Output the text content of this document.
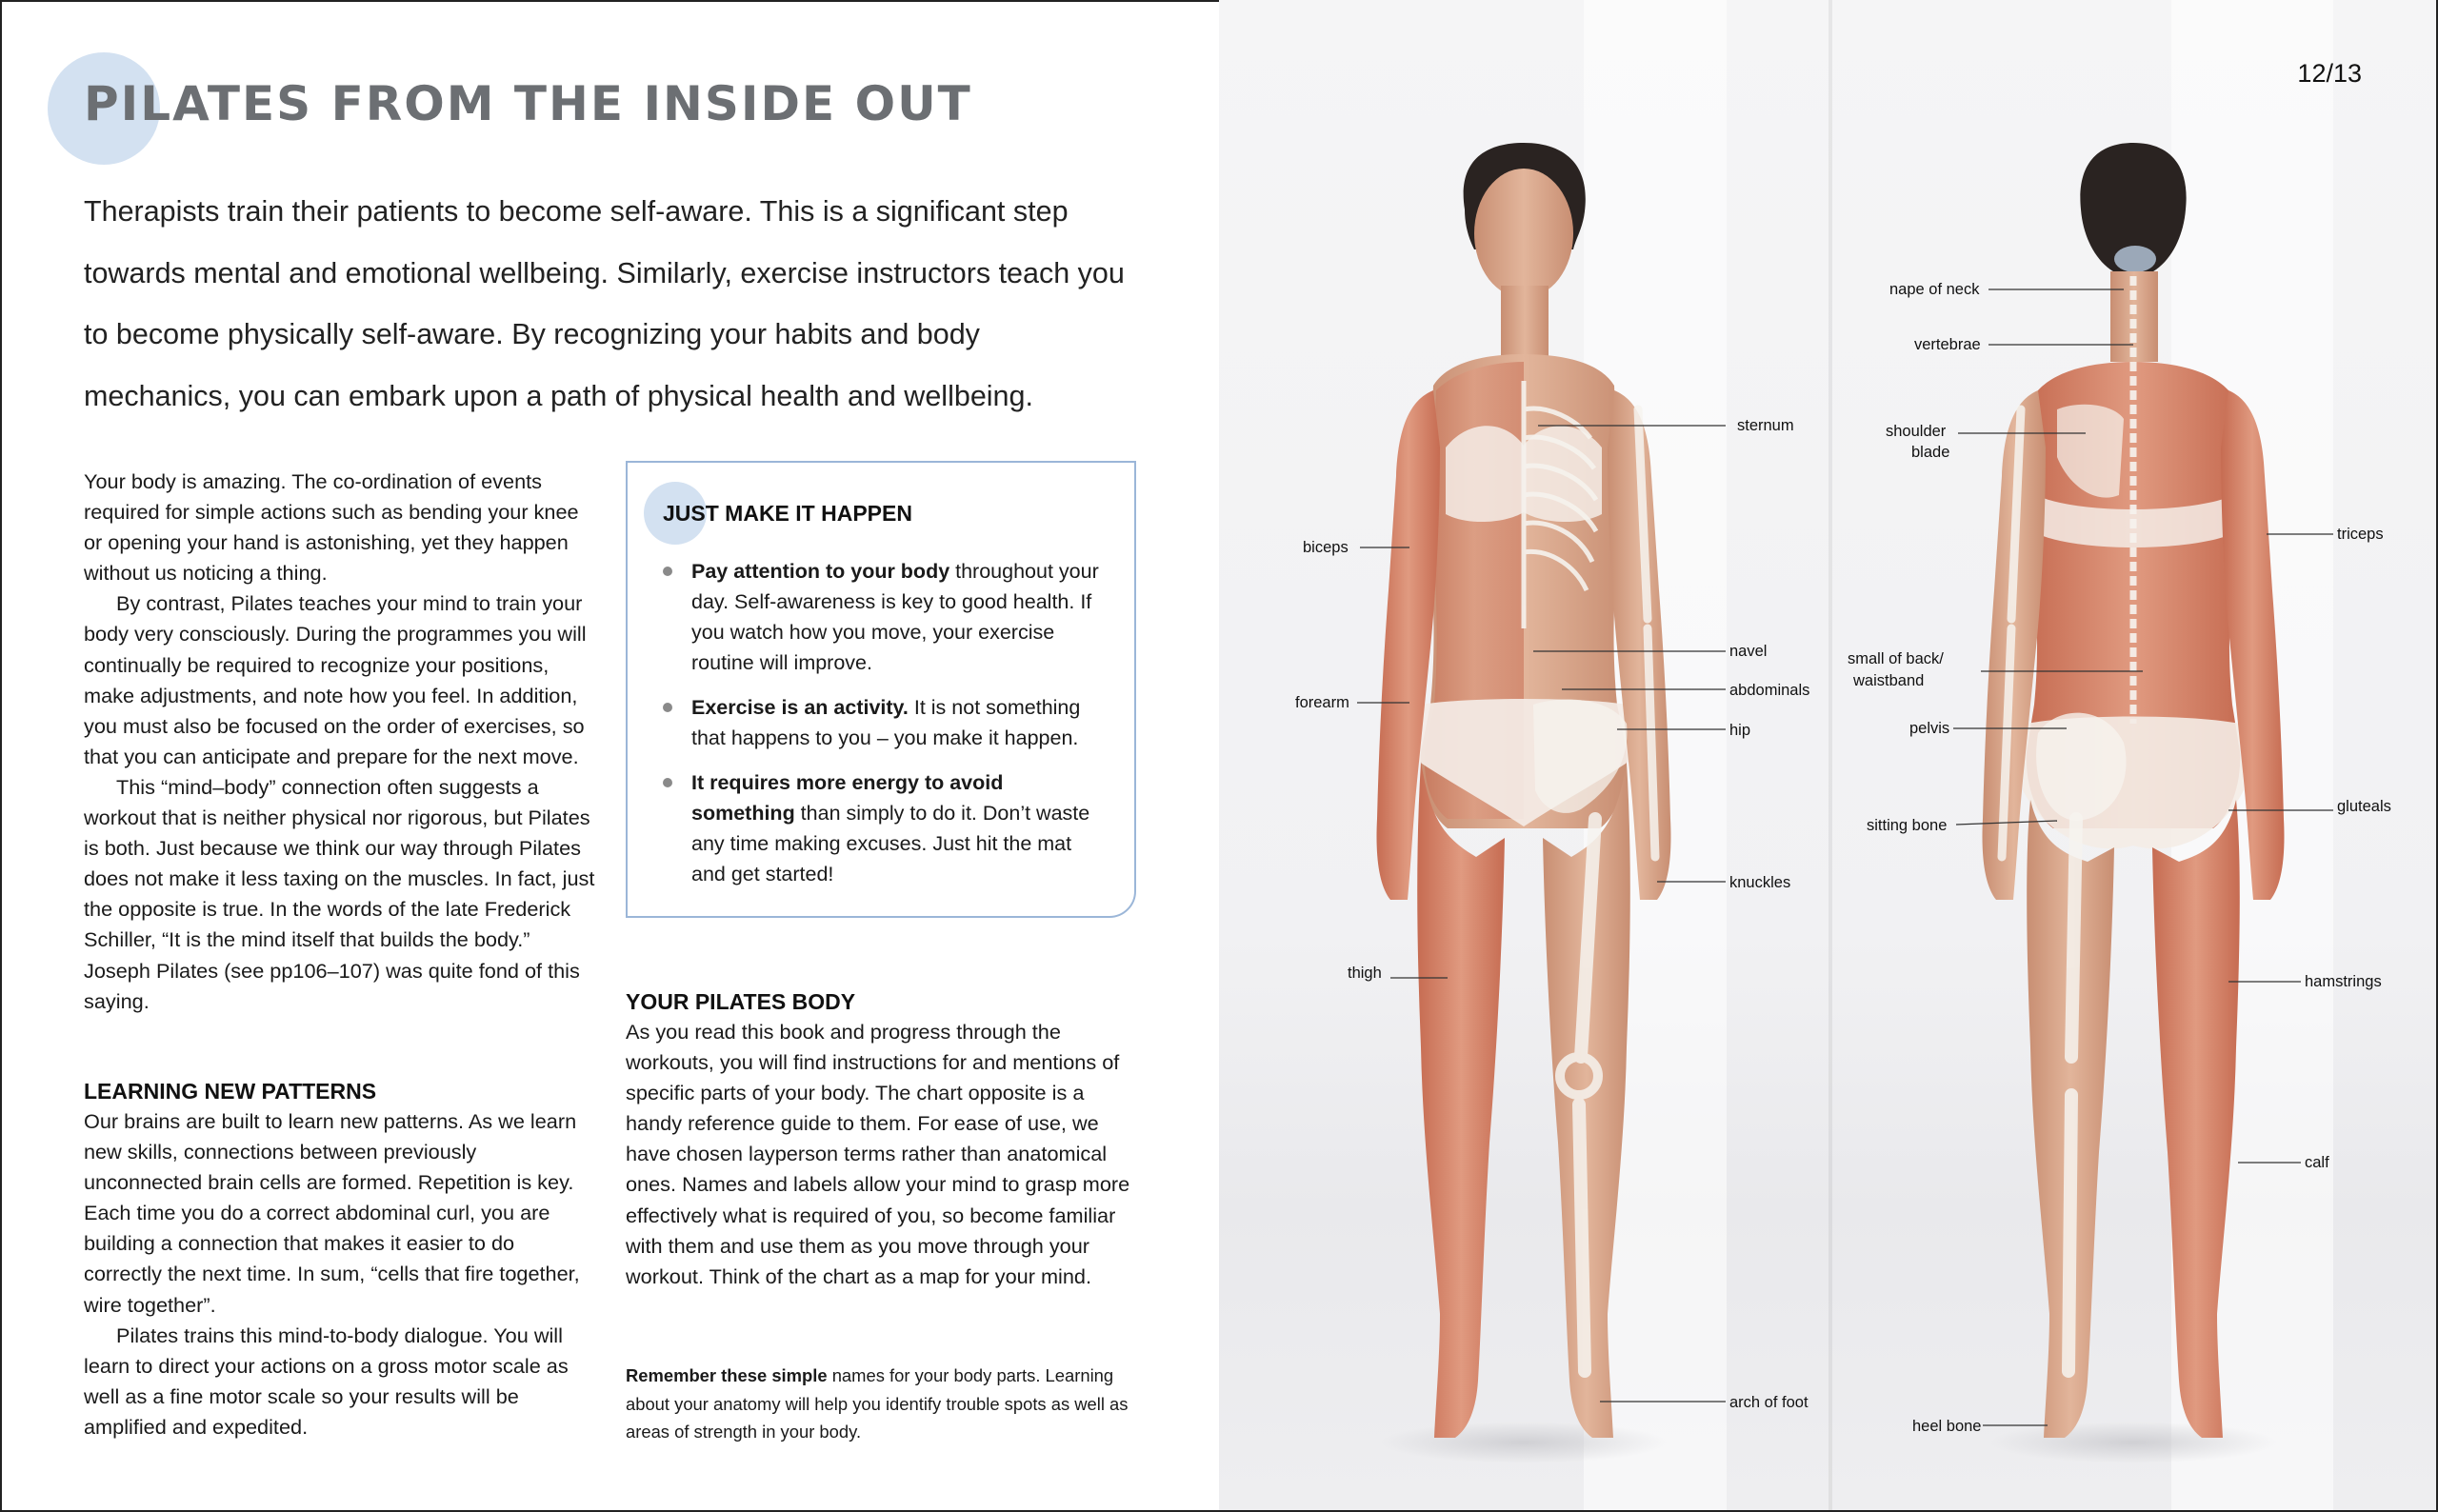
PILATES FROM THE INSIDE OUT

Therapists train their patients to become self-aware. This is a significant step towards mental and emotional wellbeing. Similarly, exercise instructors teach you to become physically self-aware. By recognizing your habits and body mechanics, you can embark upon a path of physical health and wellbeing.

Your body is amazing. The co-ordination of events required for simple actions such as bending your knee or opening your hand is astonishing, yet they happen without us noticing a thing.

By contrast, Pilates teaches your mind to train your body very consciously. During the programmes you will continually be required to recognize your positions, make adjustments, and note how you feel. In addition, you must also be focused on the order of exercises, so that you can anticipate and prepare for the next move.

This “mind–body” connection often suggests a workout that is neither physical nor rigorous, but Pilates is both. Just because we think our way through Pilates does not make it less taxing on the muscles. In fact, just the opposite is true. In the words of the late Frederick Schiller, “It is the mind itself that builds the body.” Joseph Pilates (see pp106–107) was quite fond of this saying.

LEARNING NEW PATTERNS

Our brains are built to learn new patterns. As we learn new skills, connections between previously unconnected brain cells are formed. Repetition is key. Each time you do a correct abdominal curl, you are building a connection that makes it easier to do correctly the next time. In sum, “cells that fire together, wire together”.

Pilates trains this mind-to-body dialogue. You will learn to direct your actions on a gross motor scale as well as a fine motor scale so your results will be amplified and expedited.

JUST MAKE IT HAPPEN

Pay attention to your body throughout your day. Self-awareness is key to good health. If you watch how you move, your exercise routine will improve.
Exercise is an activity. It is not something that happens to you – you make it happen.
It requires more energy to avoid something than simply to do it. Don’t waste any time making excuses. Just hit the mat and get started!

YOUR PILATES BODY

As you read this book and progress through the workouts, you will find instructions for and mentions of specific parts of your body. The chart opposite is a handy reference guide to them. For ease of use, we have chosen layperson terms rather than anatomical ones. Names and labels allow your mind to grasp more effectively what is required of you, so become familiar with them and use them as you move through your workout. Think of the chart as a map for your mind.

Remember these simple names for your body parts. Learning about your anatomy will help you identify trouble spots as well as areas of strength in your body.

12/13

sternum
biceps
navel
abdominals
hip
forearm
knuckles
thigh
arch of foot
nape of neck
vertebrae
shoulder
blade
triceps
small of back/
waistband
pelvis
sitting bone
gluteals
hamstrings
calf
heel bone
